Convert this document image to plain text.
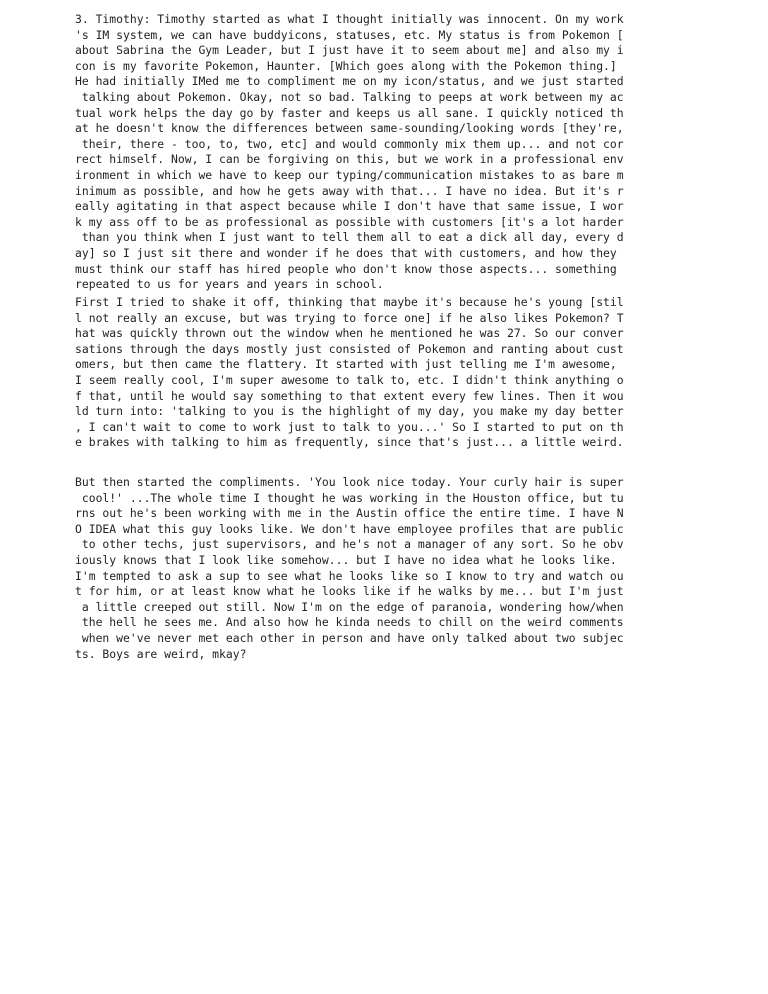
3. Timothy: Timothy started as what I thought initially was innocent. On my work
's IM system, we can have buddyicons, statuses, etc. My status is from Pokemon [
about Sabrina the Gym Leader, but I just have it to seem about me] and also my i
con is my favorite Pokemon, Haunter. [Which goes along with the Pokemon thing.]
He had initially IMed me to compliment me on my icon/status, and we just started
talking about Pokemon. Okay, not so bad. Talking to peeps at work between my ac
tual work helps the day go by faster and keeps us all sane. I quickly noticed th
at he doesn't know the differences between same-sounding/looking words [they're,
their, there - too, to, two, etc] and would commonly mix them up... and not cor
rect himself. Now, I can be forgiving on this, but we work in a professional env
ironment in which we have to keep our typing/communication mistakes to as bare m
inimum as possible, and how he gets away with that... I have no idea. But it's r
eally agitating in that aspect because while I don't have that same issue, I wor
k my ass off to be as professional as possible with customers [it's a lot harder
than you think when I just want to tell them all to eat a dick all day, every d
ay] so I just sit there and wonder if he does that with customers, and how they
must think our staff has hired people who don't know those aspects... something
repeated to us for years and years in school.

First I tried to shake it off, thinking that maybe it's because he's young [stil
l not really an excuse, but was trying to force one] if he also likes Pokemon? T
hat was quickly thrown out the window when he mentioned he was 27. So our conver
sations through the days mostly just consisted of Pokemon and ranting about cust
omers, but then came the flattery. It started with just telling me I'm awesome,
I seem really cool, I'm super awesome to talk to, etc. I didn't think anything o
f that, until he would say something to that extent every few lines. Then it wou
ld turn into: 'talking to you is the highlight of my day, you make my day better
, I can't wait to come to work just to talk to you...' So I started to put on th
e brakes with talking to him as frequently, since that's just... a little weird.

But then started the compliments. 'You look nice today. Your curly hair is super
cool!' ...The whole time I thought he was working in the Houston office, but tu
rns out he's been working with me in the Austin office the entire time. I have N
O IDEA what this guy looks like. We don't have employee profiles that are public
to other techs, just supervisors, and he's not a manager of any sort. So he obv
iously knows that I look like somehow... but I have no idea what he looks like.
I'm tempted to ask a sup to see what he looks like so I know to try and watch ou
t for him, or at least know what he looks like if he walks by me... but I'm just
a little creeped out still. Now I'm on the edge of paranoia, wondering how/when
the hell he sees me. And also how he kinda needs to chill on the weird comments
when we've never met each other in person and have only talked about two subjec
ts. Boys are weird, mkay?
